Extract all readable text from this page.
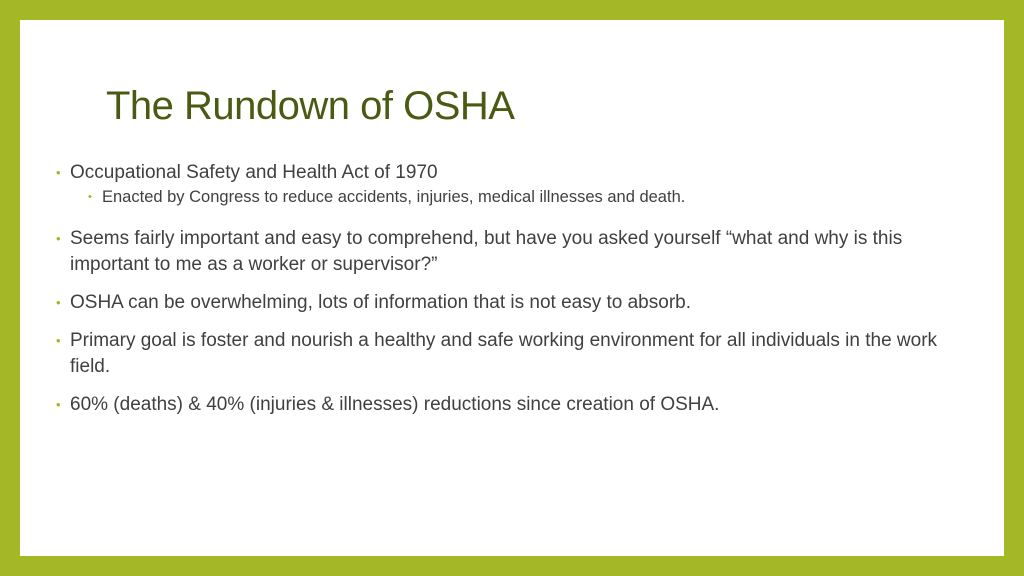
The Rundown of OSHA
• Occupational Safety and Health Act of 1970
• Enacted by Congress to reduce accidents, injuries, medical illnesses and death.
• Seems fairly important and easy to comprehend, but have you asked yourself “what and why is this important to me as a worker or supervisor?”
• OSHA can be overwhelming, lots of information that is not easy to absorb.
• Primary goal is foster and nourish a healthy and safe working environment for all individuals in the work field.
• 60% (deaths) & 40% (injuries & illnesses) reductions since creation of OSHA.
